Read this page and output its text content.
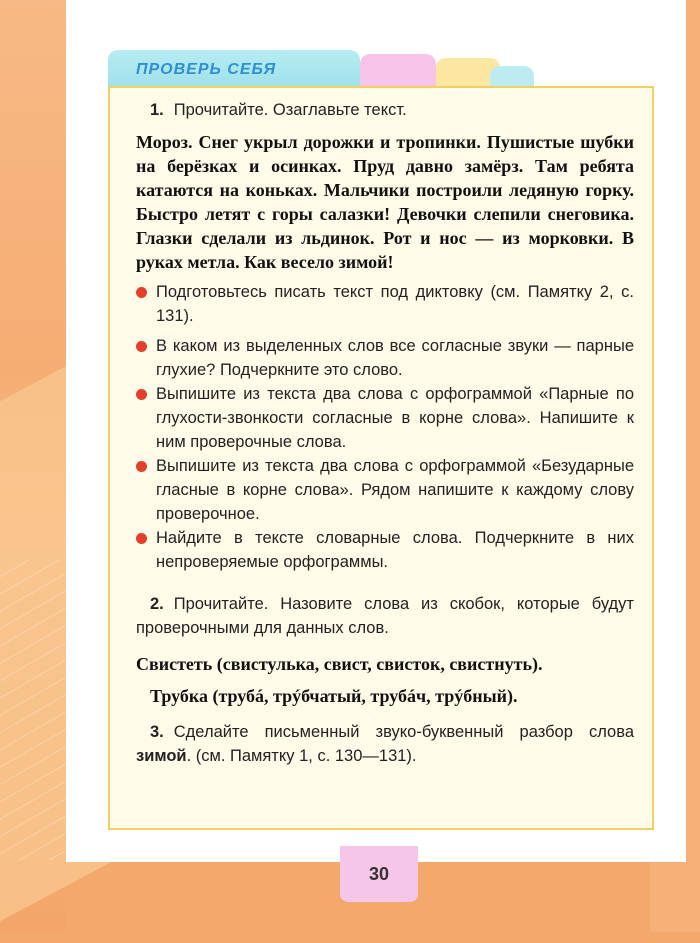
ПРОВЕРЬ СЕБЯ
1. Прочитайте. Озаглавьте текст.
Мороз. Снег укрыл дорожки и тропинки. Пушистые шубки на берёзках и осинках. Пруд давно замёрз. Там ребята катаются на коньках. Мальчики построили ледяную горку. Быстро летят с горы салазки! Девочки слепили снеговика. Глазки сделали из льдинок. Рот и нос — из морковки. В руках метла. Как весело зимой!
Подготовьтесь писать текст под диктовку (см. Памятку 2, с. 131).
В каком из выделенных слов все согласные звуки — парные глухие? Подчеркните это слово.
Выпишите из текста два слова с орфограммой «Парные по глухости-звонкости согласные в корне слова». Напишите к ним проверочные слова.
Выпишите из текста два слова с орфограммой «Безударные гласные в корне слова». Рядом напишите к каждому слову проверочное.
Найдите в тексте словарные слова. Подчеркните в них непроверяемые орфограммы.
2. Прочитайте. Назовите слова из скобок, которые будут проверочными для данных слов.
Свистеть (свистулька, свист, свисток, свистнуть).
Трубка (трубá, трýбчатый, трубáч, трýбный).
3. Сделайте письменный звуко-буквенный разбор слова зимой. (см. Памятку 1, с. 130—131).
30
